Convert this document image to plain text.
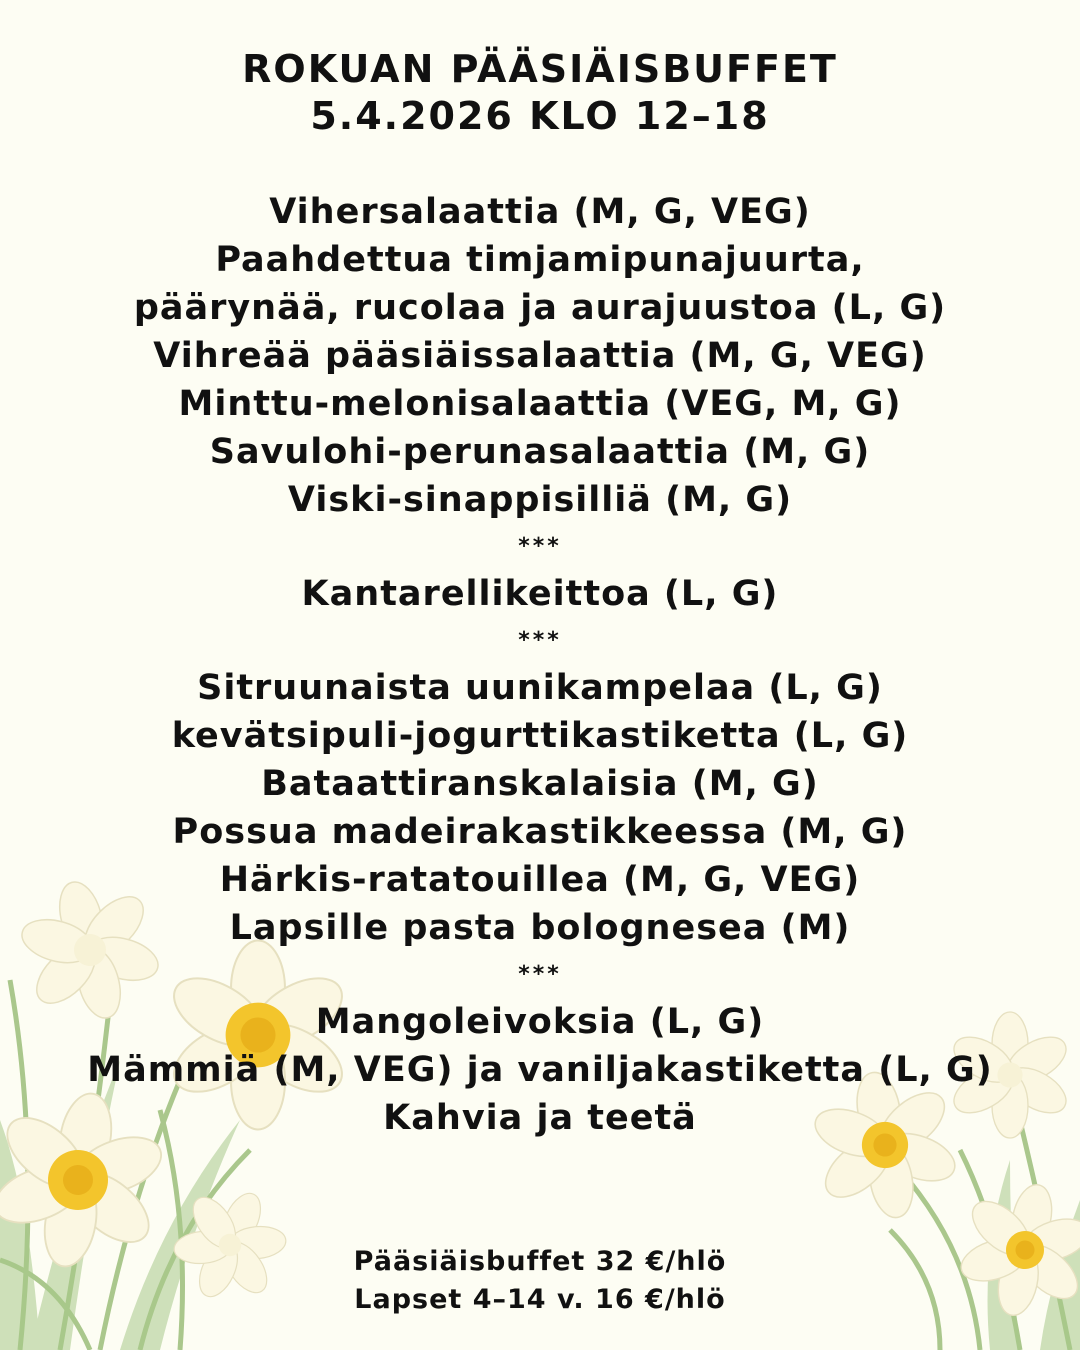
ROKUAN PÄÄSIÄISBUFFET
5.4.2026 KLO 12–18
Vihersalaattia (M, G, VEG)
Paahdettua timjamipunajuurta,
päärynää, rucolaa ja aurajuustoa (L, G)
Vihreää pääsiäissalaattia (M, G, VEG)
Minttu-melonisalaattia (VEG, M, G)
Savulohi-perunasalaattia (M, G)
Viski-sinappisilliä (M, G)
***
Kantarellikeittoa (L, G)
***
Sitruunaista uunikampelaa (L, G)
kevätsipuli-jogurttikastiketta (L, G)
Bataattiranskalaisia (M, G)
Possua madeirakastikkeessa (M, G)
Härkis-ratatouillea (M, G, VEG)
Lapsille pasta bolognesea (M)
***
Mangoleivoksia (L, G)
Mämmiä (M, VEG) ja vaniljakastiketta (L, G)
Kahvia ja teetä
Pääsiäisbuffet 32 €/hlö
Lapset 4–14 v. 16 €/hlö
